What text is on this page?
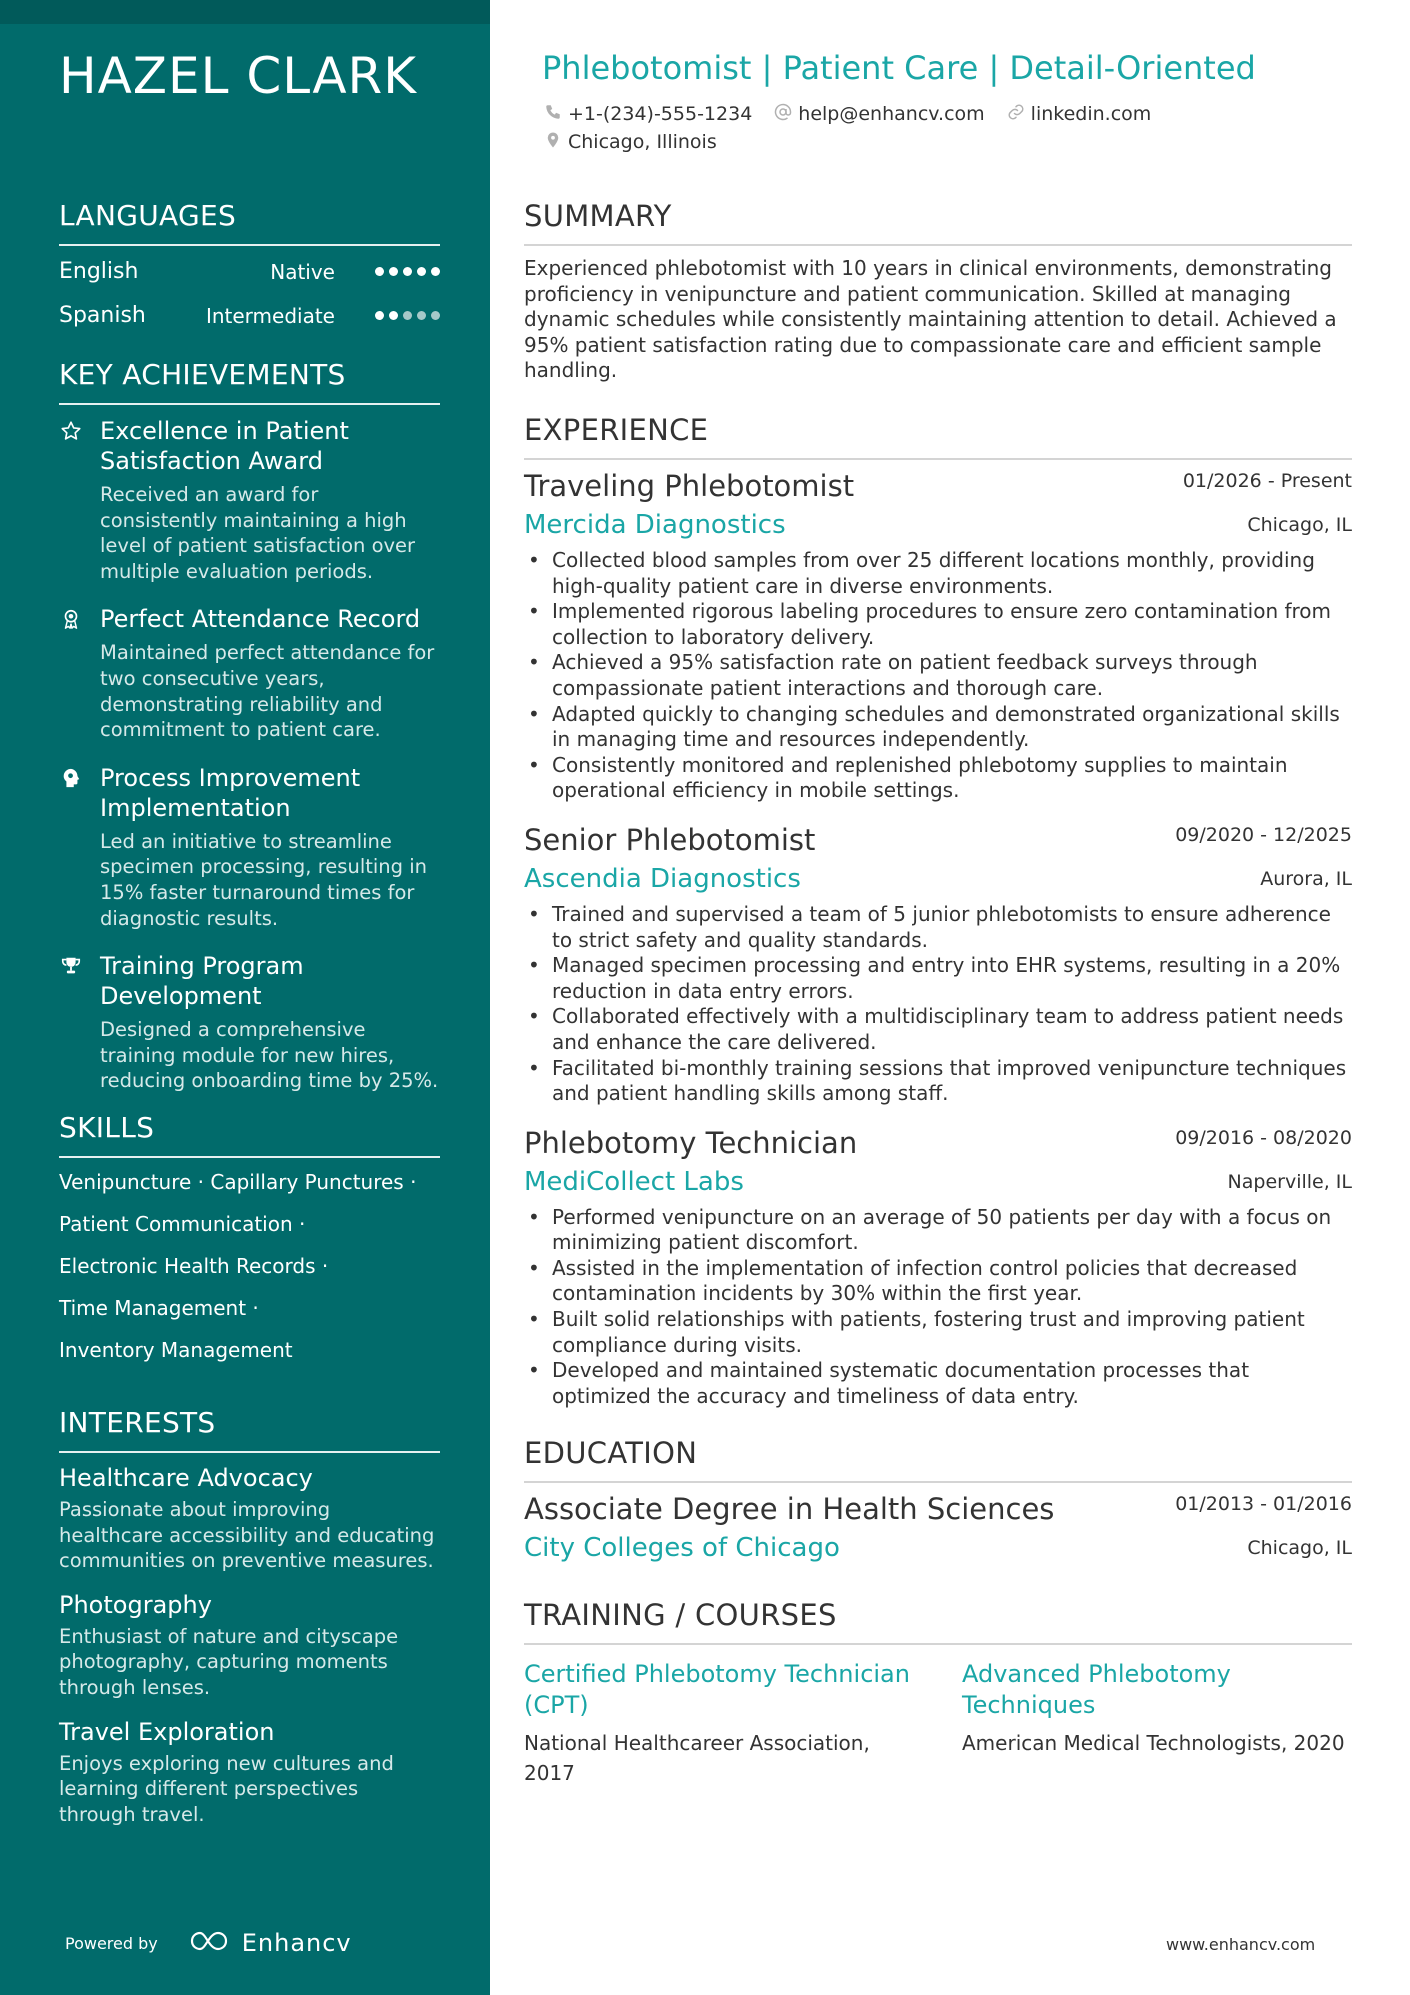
HAZEL CLARK
LANGUAGES
English	Native
Spanish	Intermediate
KEY ACHIEVEMENTS
Excellence in Patient Satisfaction Award
Received an award for consistently maintaining a high level of patient satisfaction over multiple evaluation periods.
Perfect Attendance Record
Maintained perfect attendance for two consecutive years, demonstrating reliability and commitment to patient care.
Process Improvement Implementation
Led an initiative to streamline specimen processing, resulting in 15% faster turnaround times for diagnostic results.
Training Program Development
Designed a comprehensive training module for new hires, reducing onboarding time by 25%.
SKILLS
Venipuncture · Capillary Punctures ·
Patient Communication ·
Electronic Health Records ·
Time Management ·
Inventory Management
INTERESTS
Healthcare Advocacy
Passionate about improving healthcare accessibility and educating communities on preventive measures.
Photography
Enthusiast of nature and cityscape photography, capturing moments through lenses.
Travel Exploration
Enjoys exploring new cultures and learning different perspectives through travel.
Powered by	Enhancv
Phlebotomist | Patient Care | Detail-Oriented
+1-(234)-555-1234 help@enhancv.com linkedin.com
Chicago, Illinois
SUMMARY

Experienced phlebotomist with 10 years in clinical environments, demonstrating proficiency in venipuncture and patient communication. Skilled at managing dynamic schedules while consistently maintaining attention to detail. Achieved a 95% patient satisfaction rating due to compassionate care and efficient sample handling.

EXPERIENCE
Traveling Phlebotomist	01/2026 - Present
Mercida Diagnostics	Chicago, IL
• Collected blood samples from over 25 different locations monthly, providing high-quality patient care in diverse environments.
• Implemented rigorous labeling procedures to ensure zero contamination from collection to laboratory delivery.
• Achieved a 95% satisfaction rate on patient feedback surveys through compassionate patient interactions and thorough care.
• Adapted quickly to changing schedules and demonstrated organizational skills in managing time and resources independently.
• Consistently monitored and replenished phlebotomy supplies to maintain operational efficiency in mobile settings.
Senior Phlebotomist	09/2020 - 12/2025
Ascendia Diagnostics	Aurora, IL
• Trained and supervised a team of 5 junior phlebotomists to ensure adherence to strict safety and quality standards.
• Managed specimen processing and entry into EHR systems, resulting in a 20% reduction in data entry errors.
• Collaborated effectively with a multidisciplinary team to address patient needs and enhance the care delivered.
• Facilitated bi-monthly training sessions that improved venipuncture techniques and patient handling skills among staff.
Phlebotomy Technician	09/2016 - 08/2020
MediCollect Labs	Naperville, IL
• Performed venipuncture on an average of 50 patients per day with a focus on minimizing patient discomfort.
• Assisted in the implementation of infection control policies that decreased contamination incidents by 30% within the first year.
• Built solid relationships with patients, fostering trust and improving patient compliance during visits.
• Developed and maintained systematic documentation processes that optimized the accuracy and timeliness of data entry.
EDUCATION
Associate Degree in Health Sciences	01/2013 - 01/2016
City Colleges of Chicago	Chicago, IL
TRAINING / COURSES
Certified Phlebotomy Technician (CPT)
National Healthcareer Association, 2017
Advanced Phlebotomy Techniques
American Medical Technologists, 2020
www.enhancv.com
